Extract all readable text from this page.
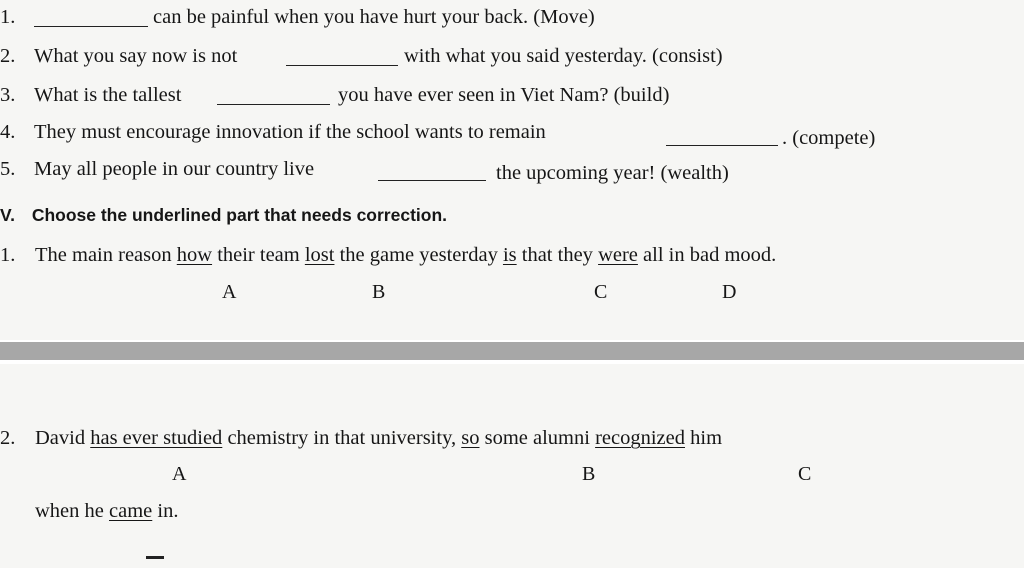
1.	can be painful when you have hurt your back. (Move)
2. What you say now is not	with what you said yesterday. (consist)
3. What is the tallest	you have ever seen in Viet Nam? (build)
4. They must encourage innovation if the school wants to remain	. (compete)
5. May all people in our country live	the upcoming year! (wealth)
V. Choose the underlined part that needs correction.
1. The main reason how their team lost the game yesterday is that they were all in bad mood.
A	B	C	D
2. David has ever studied chemistry in that university, so some alumni recognized him
A	B	C
when he came in.
